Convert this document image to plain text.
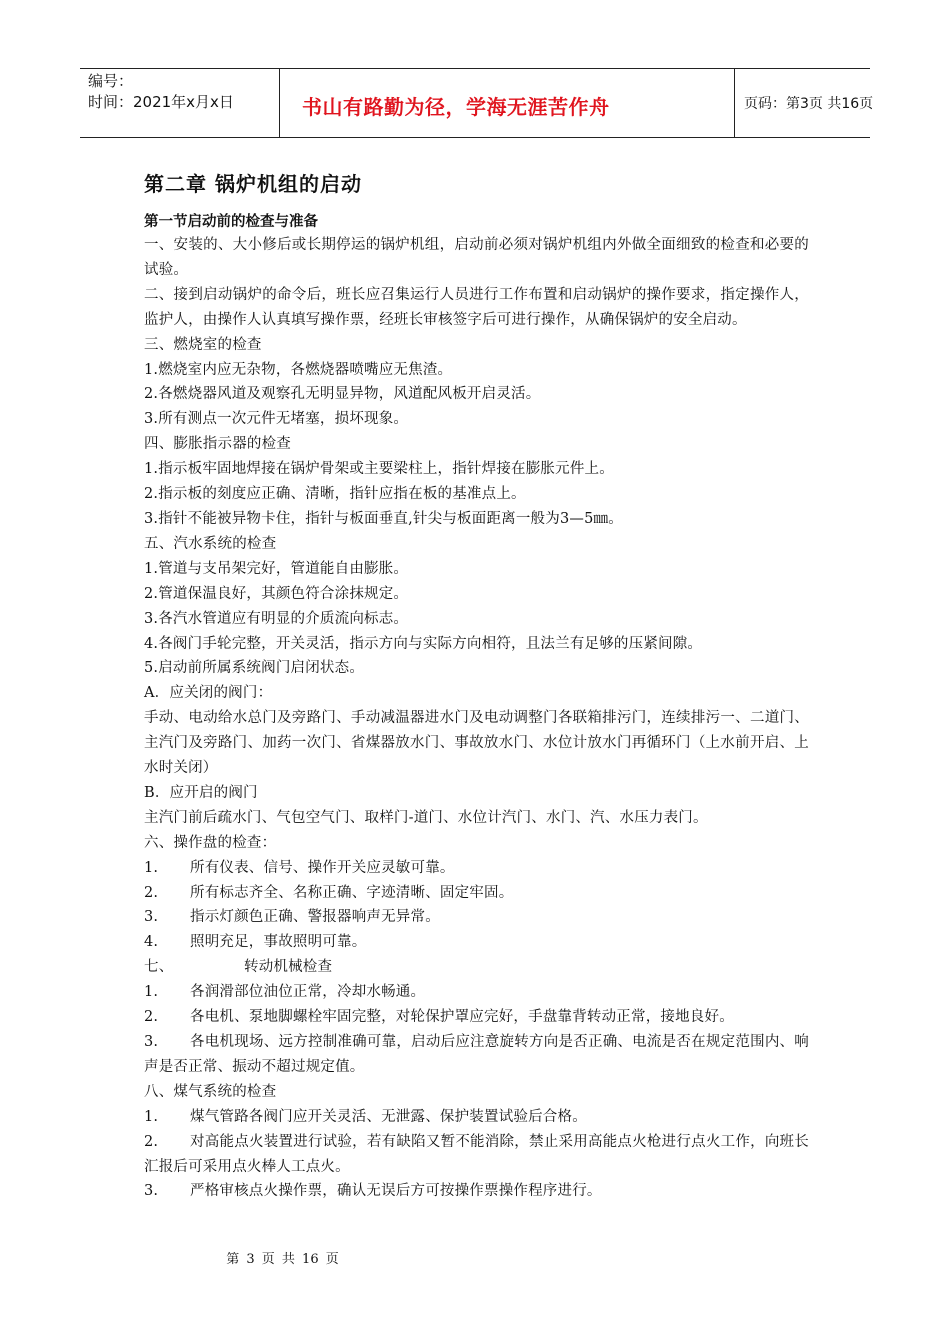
编号：
时间：2021年x月x日	书山有路勤为径，学海无涯苦作舟	页码：第3页 共16页
第二章 锅炉机组的启动
第一节启动前的检查与准备

一、安装的、大小修后或长期停运的锅炉机组，启动前必须对锅炉机组内外做全面细致的检查和必要的试验。

二、接到启动锅炉的命令后，班长应召集运行人员进行工作布置和启动锅炉的操作要求，指定操作人，监护人，由操作人认真填写操作票，经班长审核签字后可进行操作，从确保锅炉的安全启动。

三、燃烧室的检查

1.燃烧室内应无杂物，各燃烧器喷嘴应无焦渣。

2.各燃烧器风道及观察孔无明显异物，风道配风板开启灵活。

3.所有测点一次元件无堵塞，损坏现象。

四、膨胀指示器的检查

1.指示板牢固地焊接在锅炉骨架或主要梁柱上，指针焊接在膨胀元件上。

2.指示板的刻度应正确、清晰，指针应指在板的基准点上。

3.指针不能被异物卡住，指针与板面垂直,针尖与板面距离一般为3—5㎜。

五、汽水系统的检查

1.管道与支吊架完好，管道能自由膨胀。

2.管道保温良好，其颜色符合涂抹规定。

3.各汽水管道应有明显的介质流向标志。

4.各阀门手轮完整，开关灵活，指示方向与实际方向相符，且法兰有足够的压紧间隙。

5.启动前所属系统阀门启闭状态。

A．应关闭的阀门：

手动、电动给水总门及旁路门、手动减温器进水门及电动调整门各联箱排污门，连续排污一、二道门、主汽门及旁路门、加药一次门、省煤器放水门、事故放水门、水位计放水门再循环门（上水前开启、上水时关闭）

B．应开启的阀门

主汽门前后疏水门、气包空气门、取样门-道门、水位计汽门、水门、汽、水压力表门。

六、操作盘的检查：

1. 所有仪表、信号、操作开关应灵敏可靠。

2. 所有标志齐全、名称正确、字迹清晰、固定牢固。

3. 指示灯颜色正确、警报器响声无异常。

4. 照明充足，事故照明可靠。

七、	转动机械检查

1. 各润滑部位油位正常，冷却水畅通。

2. 各电机、泵地脚螺栓牢固完整，对轮保护罩应完好，手盘靠背转动正常，接地良好。

3. 各电机现场、远方控制准确可靠，启动后应注意旋转方向是否正确、电流是否在规定范围内、响声是否正常、振动不超过规定值。

八、煤气系统的检查

1. 煤气管路各阀门应开关灵活、无泄露、保护装置试验后合格。

2. 对高能点火装置进行试验，若有缺陷又暂不能消除，禁止采用高能点火枪进行点火工作，向班长汇报后可采用点火棒人工点火。

3. 严格审核点火操作票，确认无误后方可按操作票操作程序进行。

第 3 页 共 16 页
